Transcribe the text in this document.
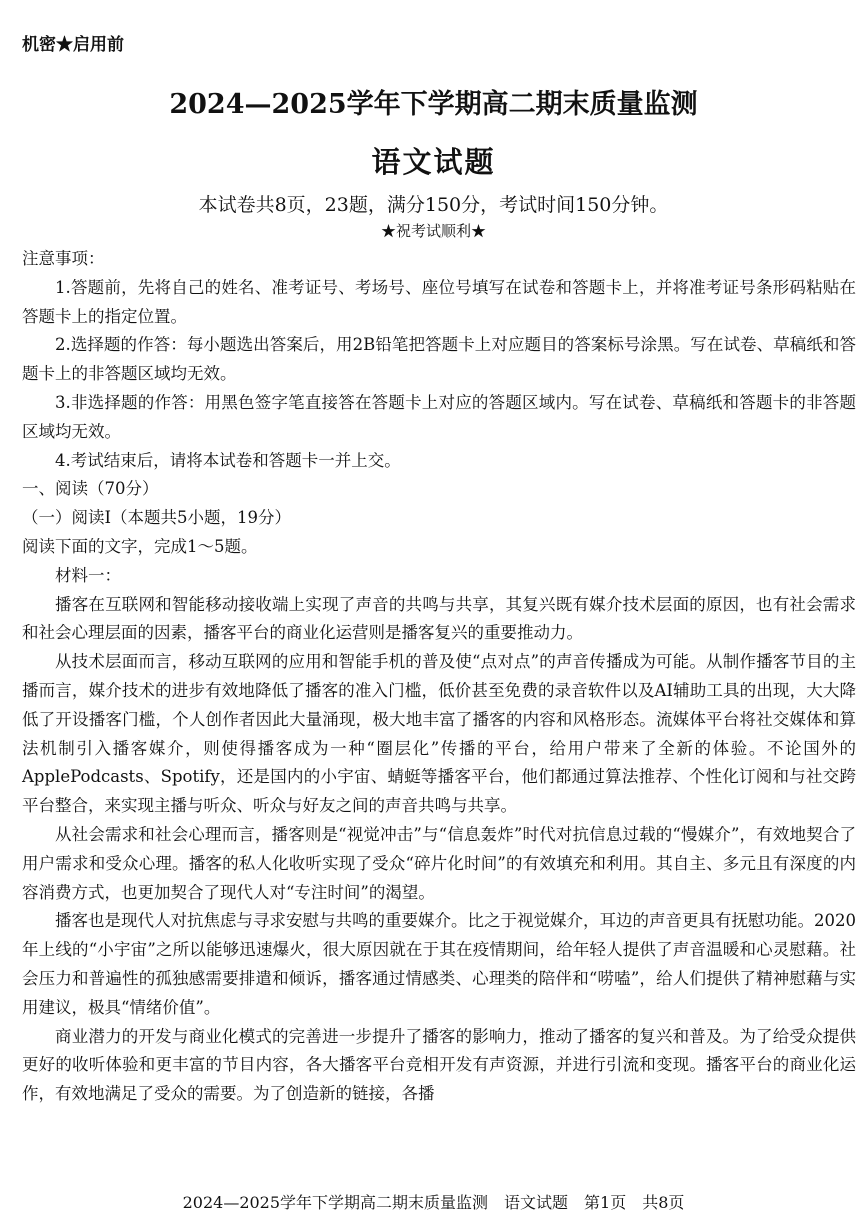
机密★启用前
2024—2025学年下学期高二期末质量监测
语文试题
本试卷共8页，23题，满分150分，考试时间150分钟。
★祝考试顺利★

注意事项：

1.答题前，先将自己的姓名、准考证号、考场号、座位号填写在试卷和答题卡上，并将准考证号条形码粘贴在答题卡上的指定位置。

2.选择题的作答：每小题选出答案后，用2B铅笔把答题卡上对应题目的答案标号涂黑。写在试卷、草稿纸和答题卡上的非答题区域均无效。

3.非选择题的作答：用黑色签字笔直接答在答题卡上对应的答题区域内。写在试卷、草稿纸和答题卡的非答题区域均无效。

4.考试结束后，请将本试卷和答题卡一并上交。

一、阅读（70分）

（一）阅读Ⅰ（本题共5小题，19分）

阅读下面的文字，完成1～5题。

材料一：

播客在互联网和智能移动接收端上实现了声音的共鸣与共享，其复兴既有媒介技术层面的原因，也有社会需求和社会心理层面的因素，播客平台的商业化运营则是播客复兴的重要推动力。

从技术层面而言，移动互联网的应用和智能手机的普及使“点对点”的声音传播成为可能。从制作播客节目的主播而言，媒介技术的进步有效地降低了播客的准入门槛，低价甚至免费的录音软件以及AI辅助工具的出现，大大降低了开设播客门槛，个人创作者因此大量涌现，极大地丰富了播客的内容和风格形态。流媒体平台将社交媒体和算法机制引入播客媒介，则使得播客成为一种“圈层化”传播的平台，给用户带来了全新的体验。不论国外的ApplePodcasts、Spotify，还是国内的小宇宙、蜻蜓等播客平台，他们都通过算法推荐、个性化订阅和与社交跨平台整合，来实现主播与听众、听众与好友之间的声音共鸣与共享。

从社会需求和社会心理而言，播客则是“视觉冲击”与“信息轰炸”时代对抗信息过载的“慢媒介”，有效地契合了用户需求和受众心理。播客的私人化收听实现了受众“碎片化时间”的有效填充和利用。其自主、多元且有深度的内容消费方式，也更加契合了现代人对“专注时间”的渴望。

播客也是现代人对抗焦虑与寻求安慰与共鸣的重要媒介。比之于视觉媒介，耳边的声音更具有抚慰功能。2020年上线的“小宇宙”之所以能够迅速爆火，很大原因就在于其在疫情期间，给年轻人提供了声音温暖和心灵慰藉。社会压力和普遍性的孤独感需要排遣和倾诉，播客通过情感类、心理类的陪伴和“唠嗑”，给人们提供了精神慰藉与实用建议，极具“情绪价值”。

商业潜力的开发与商业化模式的完善进一步提升了播客的影响力，推动了播客的复兴和普及。为了给受众提供更好的收听体验和更丰富的节目内容，各大播客平台竞相开发有声资源，并进行引流和变现。播客平台的商业化运作，有效地满足了受众的需要。为了创造新的链接，各播

2024—2025学年下学期高二期末质量监测　语文试题　第1页　共8页
